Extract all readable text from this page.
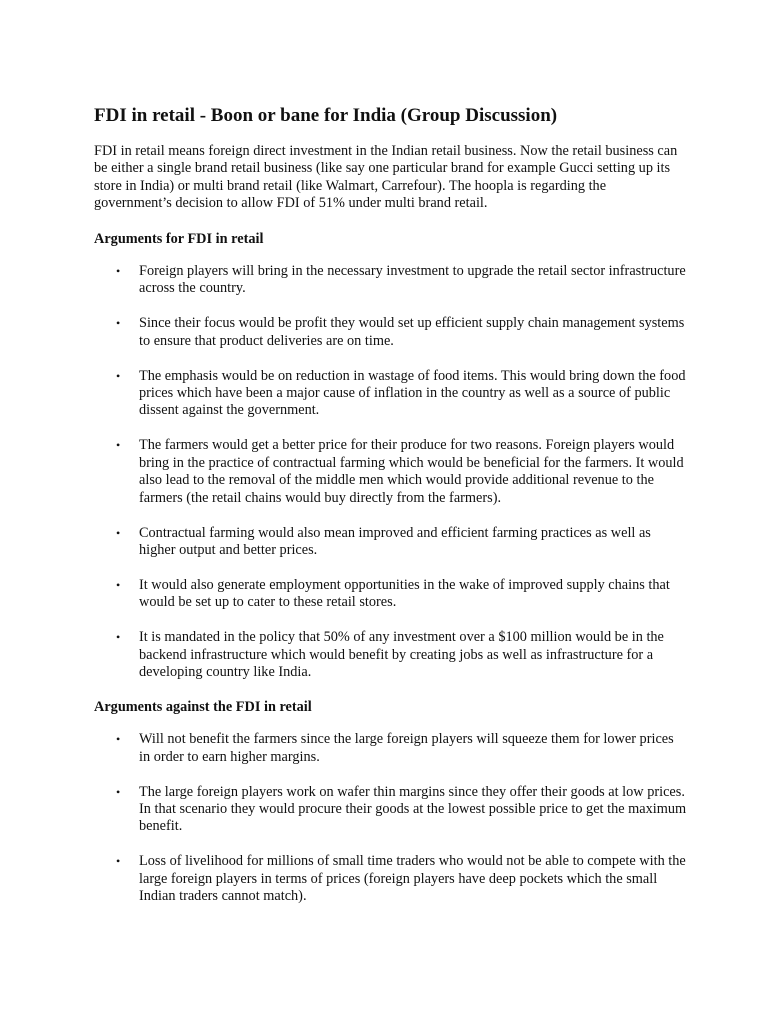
FDI in retail - Boon or bane for India (Group Discussion)

FDI in retail means foreign direct investment in the Indian retail business. Now the retail business can be either a single brand retail business (like say one particular brand for example Gucci setting up its store in India) or multi brand retail (like Walmart, Carrefour). The hoopla is regarding the government’s decision to allow FDI of 51% under multi brand retail.

Arguments for FDI in retail
• Foreign players will bring in the necessary investment to upgrade the retail sector infrastructure across the country.
• Since their focus would be profit they would set up efficient supply chain management systems to ensure that product deliveries are on time.
• The emphasis would be on reduction in wastage of food items. This would bring down the food prices which have been a major cause of inflation in the country as well as a source of public dissent against the government.
• The farmers would get a better price for their produce for two reasons. Foreign players would bring in the practice of contractual farming which would be beneficial for the farmers. It would also lead to the removal of the middle men which would provide additional revenue to the farmers (the retail chains would buy directly from the farmers).
• Contractual farming would also mean improved and efficient farming practices as well as higher output and better prices.
• It would also generate employment opportunities in the wake of improved supply chains that would be set up to cater to these retail stores.
• It is mandated in the policy that 50% of any investment over a $100 million would be in the backend infrastructure which would benefit by creating jobs as well as infrastructure for a developing country like India.
Arguments against the FDI in retail
• Will not benefit the farmers since the large foreign players will squeeze them for lower prices in order to earn higher margins.
• The large foreign players work on wafer thin margins since they offer their goods at low prices. In that scenario they would procure their goods at the lowest possible price to get the maximum benefit.
• Loss of livelihood for millions of small time traders who would not be able to compete with the large foreign players in terms of prices (foreign players have deep pockets which the small Indian traders cannot match).
